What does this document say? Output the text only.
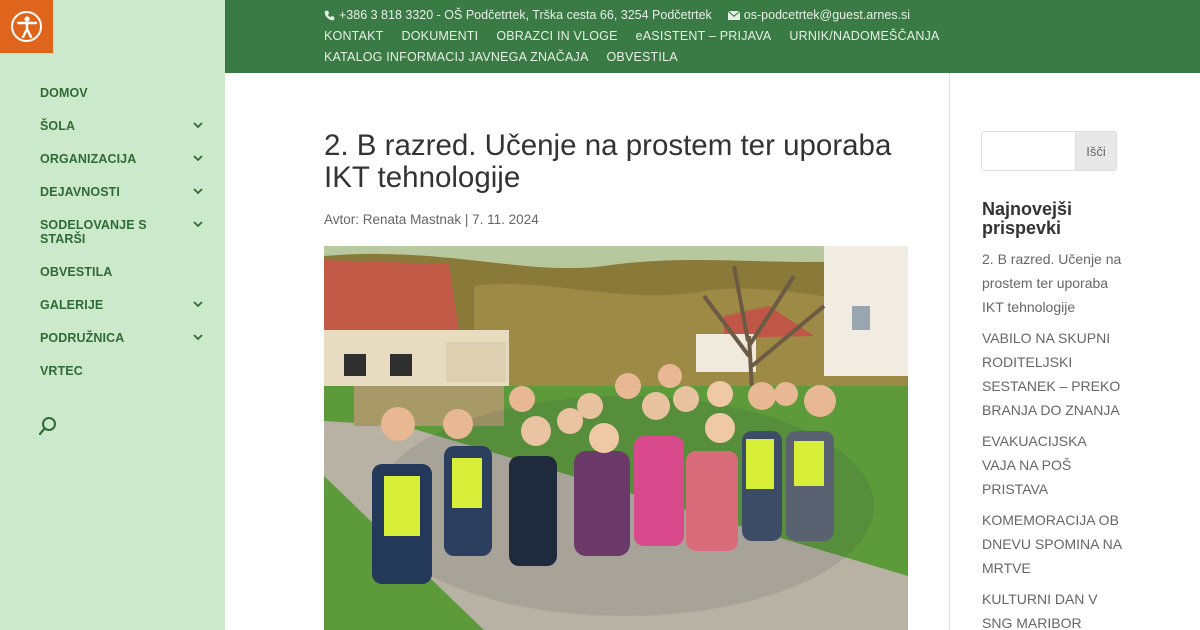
DOMOV
ŠOLA
ORGANIZACIJA
DEJAVNOSTI
SODELOVANJE S STARŠI
OBVESTILA
GALERIJE
PODRUŽNICA
VRTEC
+386 3 818 3320 - OŠ Podčetrtek, Trška cesta 66, 3254 Podčetrtek	os-podcetrtek@guest.arnes.si
KONTAKT DOKUMENTI OBRAZCI IN VLOGE eASISTENT – PRIJAVA URNIK/NADOMEŠČANJA
KATALOG INFORMACIJ JAVNEGA ZNAČAJA OBVESTILA
2. B razred. Učenje na prostem ter uporaba IKT tehnologije

Avtor: Renata Mastnak | 7. 11. 2024

Išči
Najnovejši prispevki
2. B razred. Učenje na prostem ter uporaba IKT tehnologije
VABILO NA SKUPNI RODITELJSKI SESTANEK – PREKO BRANJA DO ZNANJA
EVAKUACIJSKA VAJA NA POŠ PRISTAVA
KOMEMORACIJA OB DNEVU SPOMINA NA MRTVE
KULTURNI DAN V SNG MARIBOR
